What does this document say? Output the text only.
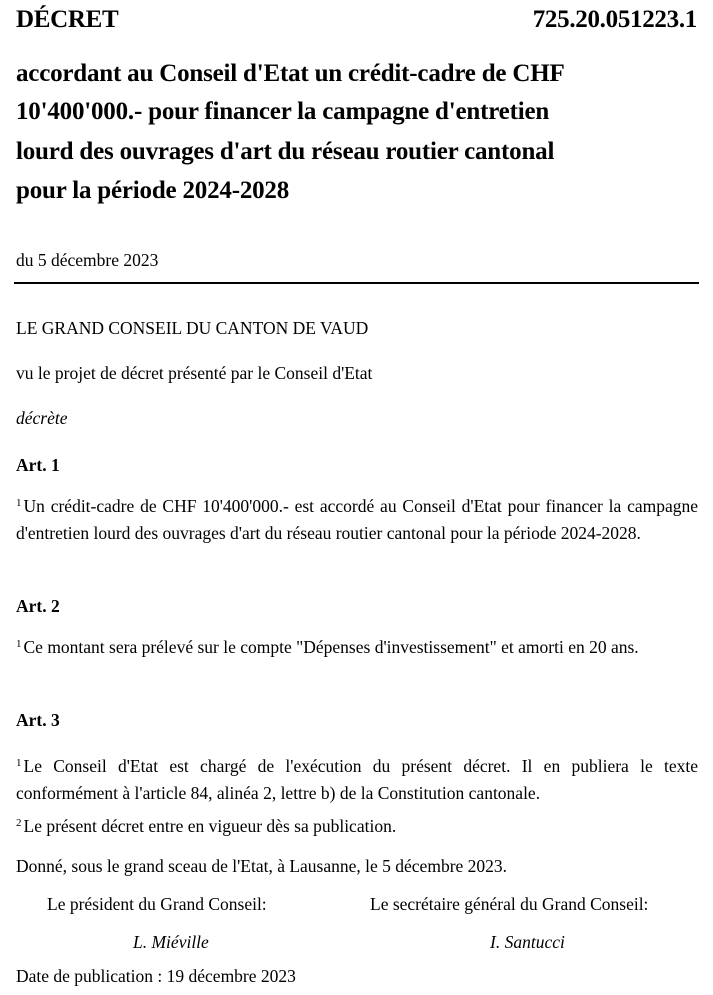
DÉCRET	725.20.051223.1
accordant au Conseil d'Etat un crédit-cadre de CHF
10'400'000.- pour financer la campagne d'entretien
lourd des ouvrages d'art du réseau routier cantonal
pour la période 2024-2028
du 5 décembre 2023
LE GRAND CONSEIL DU CANTON DE VAUD
vu le projet de décret présenté par le Conseil d'Etat
décrète
Art. 1
$^1$ Un crédit-cadre de CHF 10'400'000.- est accordé au Conseil d'Etat pour financer la campagne d'entretien lourd des ouvrages d'art du réseau routier cantonal pour la période 2024-2028.
Art. 2
$^1$ Ce montant sera prélevé sur le compte "Dépenses d'investissement" et amorti en 20 ans.
Art. 3
$^1$ Le Conseil d'Etat est chargé de l'exécution du présent décret. Il en publiera le texte conformément à l'article 84, alinéa 2, lettre b) de la Constitution cantonale.
$^2$ Le présent décret entre en vigueur dès sa publication.
Donné, sous le grand sceau de l'Etat, à Lausanne, le 5 décembre 2023.
Le président du Grand Conseil:
L. Miéville
Le secrétaire général du Grand Conseil:
I. Santucci
Date de publication : 19 décembre 2023
